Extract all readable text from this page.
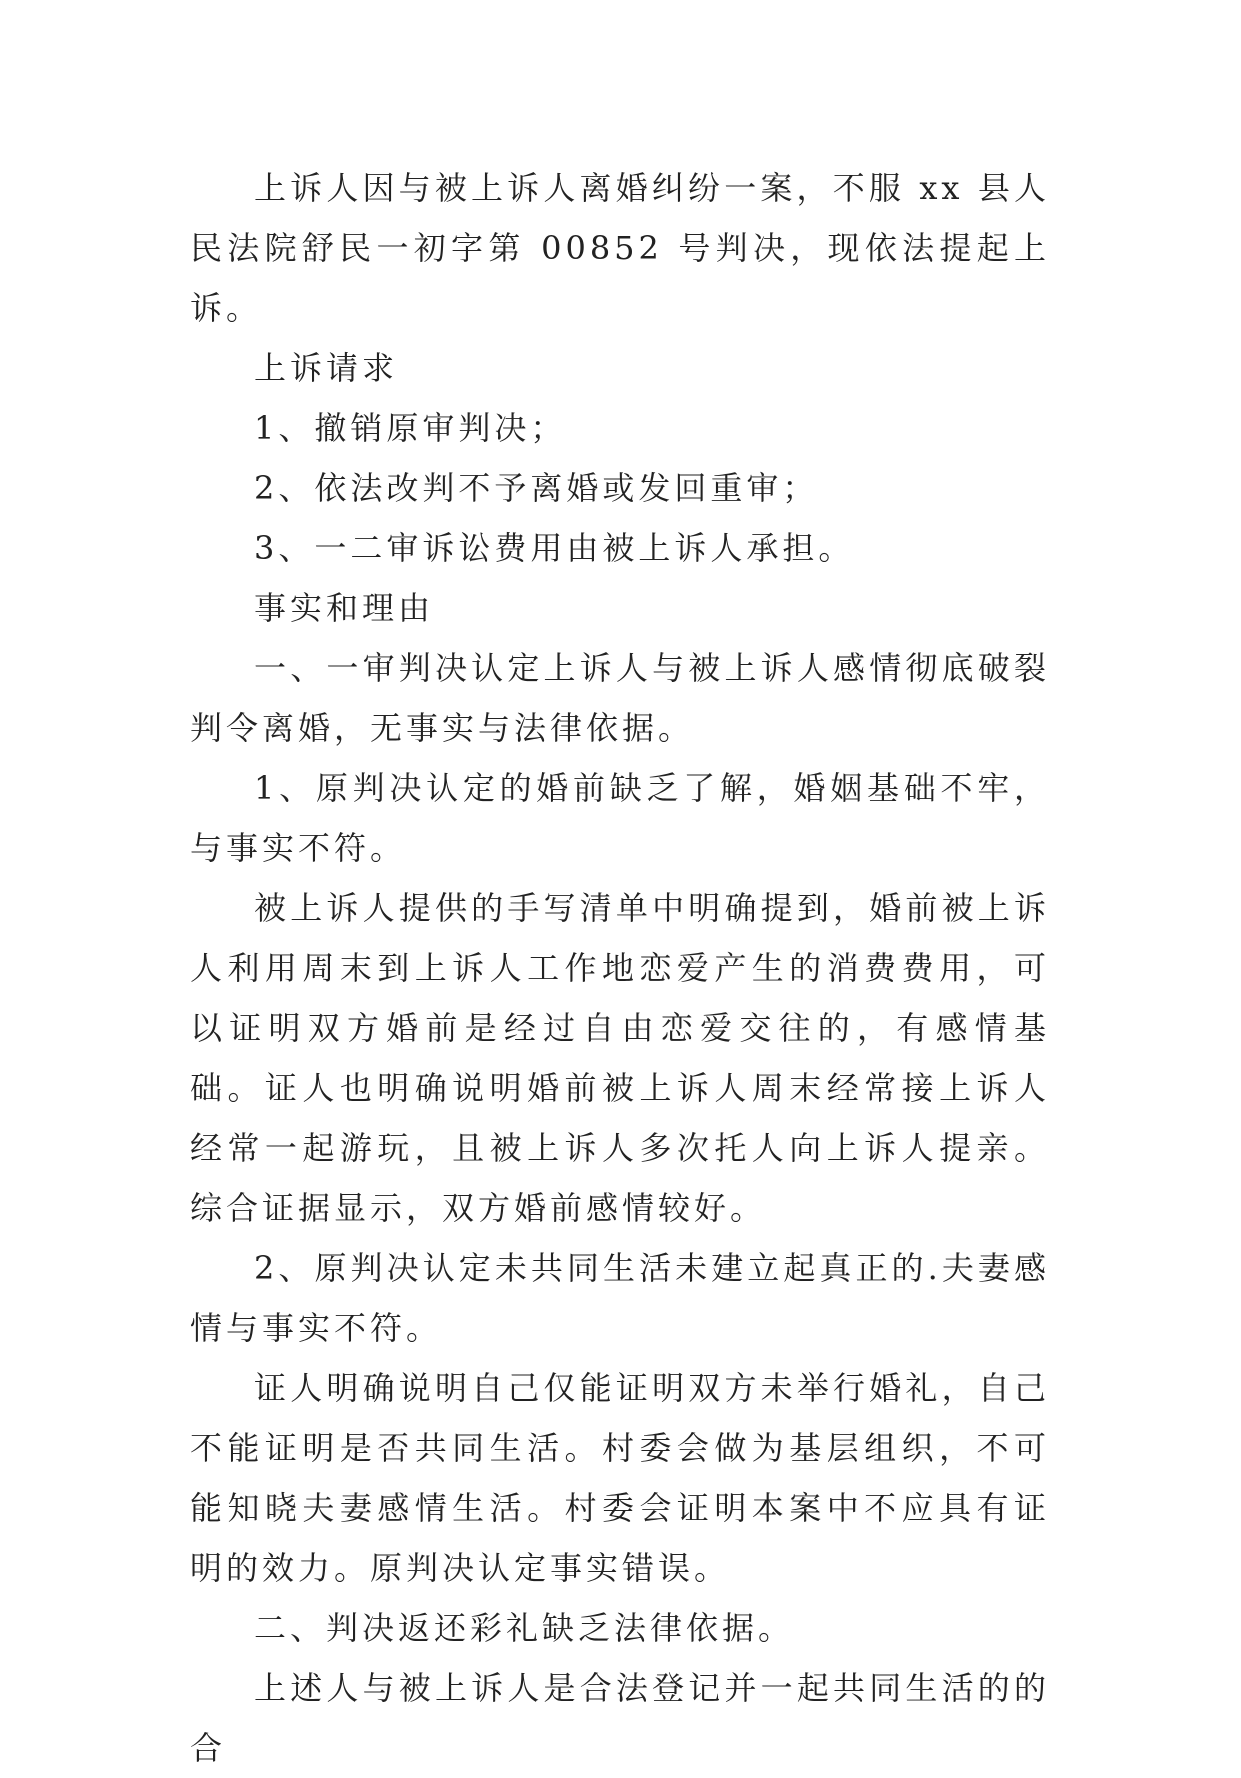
上诉人因与被上诉人离婚纠纷一案，不服 xx 县人民法院舒民一初字第 00852 号判决，现依法提起上诉。

上诉请求

1、撤销原审判决；

2、依法改判不予离婚或发回重审；

3、一二审诉讼费用由被上诉人承担。

事实和理由

一、一审判决认定上诉人与被上诉人感情彻底破裂判令离婚，无事实与法律依据。

1、原判决认定的婚前缺乏了解，婚姻基础不牢，与事实不符。

被上诉人提供的手写清单中明确提到，婚前被上诉人利用周末到上诉人工作地恋爱产生的消费费用，可以证明双方婚前是经过自由恋爱交往的，有感情基础。证人也明确说明婚前被上诉人周末经常接上诉人经常一起游玩，且被上诉人多次托人向上诉人提亲。综合证据显示，双方婚前感情较好。

2、原判决认定未共同生活未建立起真正的.夫妻感情与事实不符。

证人明确说明自己仅能证明双方未举行婚礼，自己不能证明是否共同生活。村委会做为基层组织，不可能知晓夫妻感情生活。村委会证明本案中不应具有证明的效力。原判决认定事实错误。

二、判决返还彩礼缺乏法律依据。

上述人与被上诉人是合法登记并一起共同生活的的合
